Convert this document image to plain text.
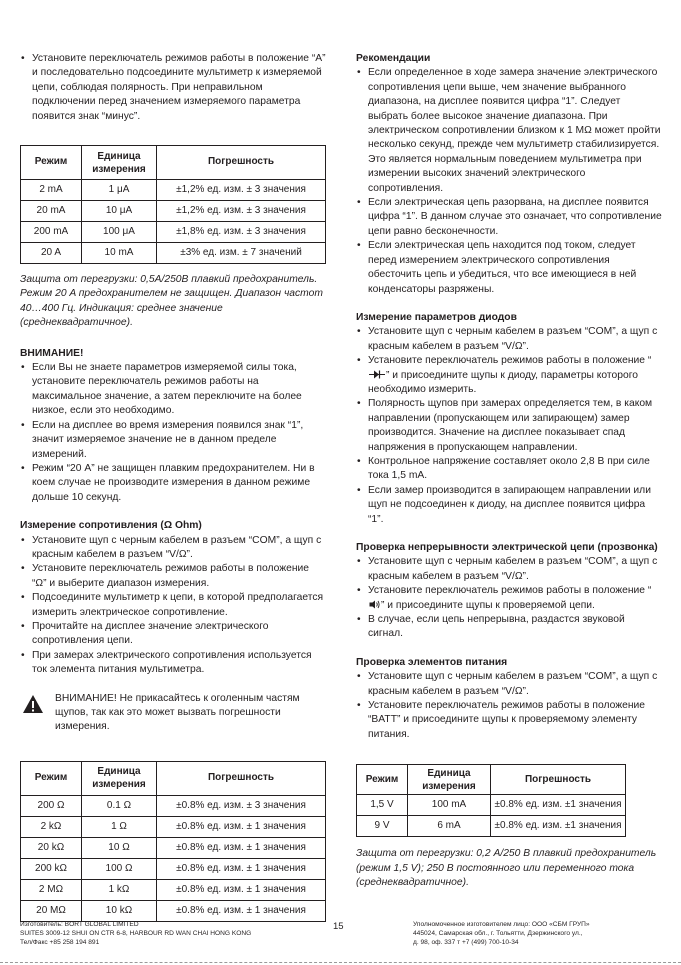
• Установите переключатель режимов работы в положение “A” и последовательно подсоедините мультиметр к измеряемой цепи, соблюдая полярность. При неправильном подключении перед значением измеряемого параметра появится знак “минус”.
Режим	Единица измерения	Погрешность
2 mA	1 μA	±1,2% ед. изм. ± 3 значения
20 mA	10 μA	±1,2% ед. изм. ± 3 значения
200 mA	100 μA	±1,8% ед. изм. ± 3 значения
20 A	10 mA	±3% ед. изм. ± 7 значений

Защита от перегрузки: 0,5A/250В плавкий предохранитель. Режим 20 A предохранителем не защищен. Диапазон частот 40…400 Гц. Индикация: среднее значение (среднеквадратичное).

ВНИМАНИЕ!
• Если Вы не знаете параметров измеряемой силы тока, установите переключатель режимов работы на максимальное значение, а затем переключите на более низкое, если это необходимо.
• Если на дисплее во время измерения появился знак “1”, значит измеряемое значение не в данном пределе измерений.
• Режим “20 A” не защищен плавким предохранителем. Ни в коем случае не производите измерения в данном режиме дольше 10 секунд.
Измерение сопротивления (Ω Ohm)
• Установите щуп с черным кабелем в разъем “COM”, а щуп с красным кабелем в разъем “V/Ω”.
• Установите переключатель режимов работы в положение “Ω” и выберите диапазон измерения.
• Подсоедините мультиметр к цепи, в которой предполагается измерить электрическое сопротивление.
• Прочитайте на дисплее значение электрического сопротивления цепи.
• При замерах электрического сопротивления используется ток элемента питания мультиметра.

ВНИМАНИЕ! Не прикасайтесь к оголенным частям щупов, так как это может вызвать погрешности измерения.

Режим	Единица измерения	Погрешность
200 Ω	0.1 Ω	±0.8% ед. изм. ± 3 значения
2 kΩ	1 Ω	±0.8% ед. изм. ± 1 значения
20 kΩ	10 Ω	±0.8% ед. изм. ± 1 значения
200 kΩ	100 Ω	±0.8% ед. изм. ± 1 значения
2 MΩ	1 kΩ	±0.8% ед. изм. ± 1 значения
20 MΩ	10 kΩ	±0.8% ед. изм. ± 1 значения
Рекомендации
• Если определенное в ходе замера значение электрического сопротивления цепи выше, чем значение выбранного диапазона, на дисплее появится цифра “1”. Следует выбрать более высокое значение диапазона. При электрическом сопротивлении близком к 1 MΩ может пройти несколько секунд, прежде чем мультиметр стабилизируется. Это является нормальным поведением мультиметра при измерении высоких значений электрического сопротивления.
• Если электрическая цепь разорвана, на дисплее появится цифра “1”. В данном случае это означает, что сопротивление цепи равно бесконечности.
• Если электрическая цепь находится под током, следует перед измерением электрического сопротивления обесточить цепь и убедиться, что все имеющиеся в ней конденсаторы разряжены.
Измерение параметров диодов
• Установите щуп с черным кабелем в разъем “COM”, а щуп с красным кабелем в разъем “V/Ω”.
• Установите переключатель режимов работы в положение “” и присоедините щупы к диоду, параметры которого необходимо измерить.
• Полярность щупов при замерах определяется тем, в каком направлении (пропускающем или запирающем) замер производится. Значение на дисплее показывает спад напряжения в пропускающем направлении.
• Контрольное напряжение составляет около 2,8 В при силе тока 1,5 mA.
• Если замер производится в запирающем направлении или щуп не подсоединен к диоду, на дисплее появится цифра “1”.
Проверка непрерывности электрической цепи (прозвонка)
• Установите щуп с черным кабелем в разъем “COM”, а щуп с красным кабелем в разъем “V/Ω”.
• Установите переключатель режимов работы в положение “” и присоедините щупы к проверяемой цепи.
• В случае, если цепь непрерывна, раздастся звуковой сигнал.
Проверка элементов питания
• Установите щуп с черным кабелем в разъем “COM”, а щуп с красным кабелем в разъем “V/Ω”.
• Установите переключатель режимов работы в положение “BATT” и присоедините щупы к проверяемому элементу питания.
Режим	Единица измерения	Погрешность
1,5 V	100 mA	±0.8% ед. изм. ±1 значения
9 V	6 mA	±0.8% ед. изм. ±1 значения

Защита от перегрузки: 0,2 A/250 В плавкий предохранитель (режим 1,5 V); 250 В постоянного или переменного тока (среднеквадратичное).

Изготовитель: BORT GLOBAL LIMITED
SUITES 3009-12 SHUI ON CTR 6-8, HARBOUR RD WAN CHAI HONG KONG
Тел/Факс +85 258 194 891
15	Уполномоченное изготовителем лицо: ООО «СБМ ГРУП»
445024, Самарская обл., г. Тольятти, Дзержинского ул.,
д. 98, оф. 337 т +7 (499) 700-10-34
